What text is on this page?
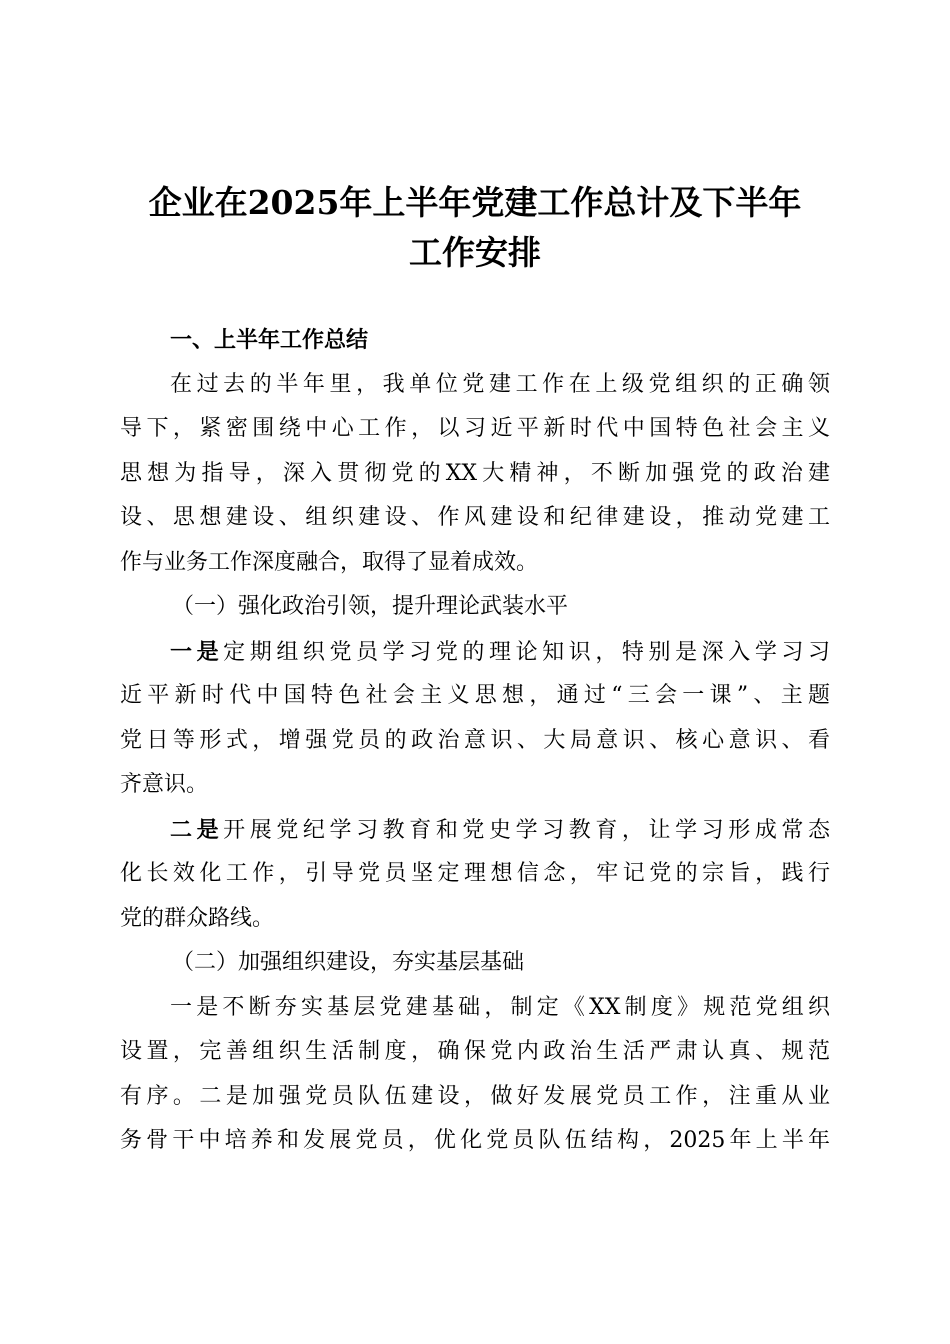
企业在2025年上半年党建工作总计及下半年
工作安排
一、上半年工作总结
在过去的半年里，我单位党建工作在上级党组织的正确领
导下，紧密围绕中心工作，以习近平新时代中国特色社会主义
思想为指导，深入贯彻党的XX大精神，不断加强党的政治建
设、思想建设、组织建设、作风建设和纪律建设，推动党建工
作与业务工作深度融合，取得了显着成效。
（一）强化政治引领，提升理论武装水平
一是定期组织党员学习党的理论知识，特别是深入学习习
近平新时代中国特色社会主义思想，通过“三会一课”、主题
党日等形式，增强党员的政治意识、大局意识、核心意识、看
齐意识。
二是开展党纪学习教育和党史学习教育，让学习形成常态
化长效化工作，引导党员坚定理想信念，牢记党的宗旨，践行
党的群众路线。
（二）加强组织建设，夯实基层基础
一是不断夯实基层党建基础，制定《XX制度》规范党组织
设置，完善组织生活制度，确保党内政治生活严肃认真、规范
有序。二是加强党员队伍建设，做好发展党员工作，注重从业
务骨干中培养和发展党员，优化党员队伍结构，2025年上半年
